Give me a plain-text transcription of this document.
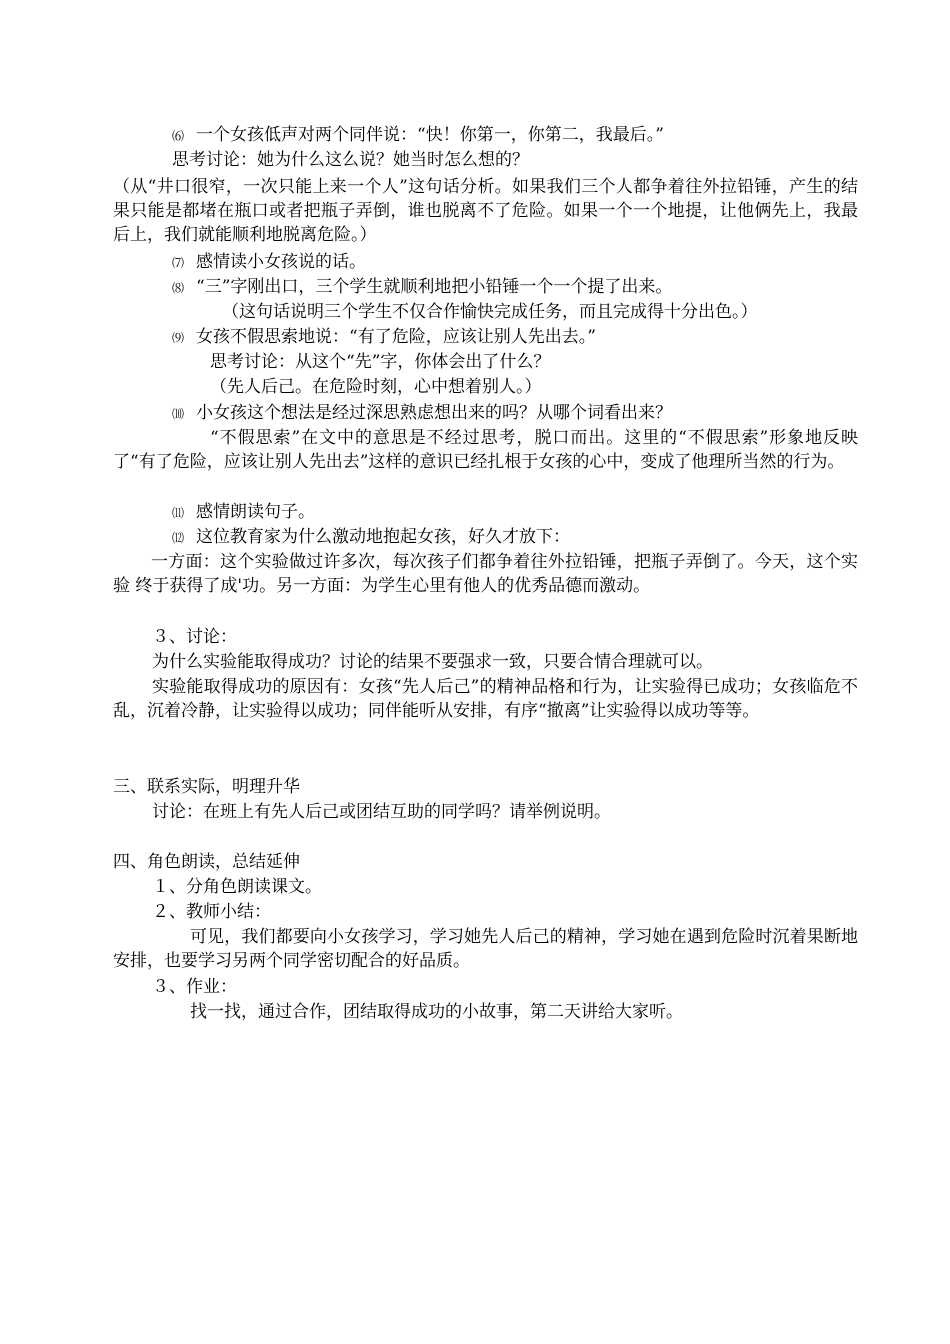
⑹ 一个女孩低声对两个同伴说：“快！你第一，你第二，我最后。”
思考讨论：她为什么这么说？她当时怎么想的？
（从“井口很窄，一次只能上来一个人”这句话分析。如果我们三个人都争着往外拉铅锤，产生的结果只能是都堵在瓶口或者把瓶子弄倒，谁也脱离不了危险。如果一个一个地提，让他俩先上，我最后上，我们就能顺利地脱离危险。）
⑺ 感情读小女孩说的话。
⑻ “三”字刚出口，三个学生就顺利地把小铅锤一个一个提了出来。
（这句话说明三个学生不仅合作愉快完成任务，而且完成得十分出色。）
⑼ 女孩不假思索地说：“有了危险，应该让别人先出去。”
思考讨论：从这个“先”字，你体会出了什么？
（先人后己。在危险时刻，心中想着别人。）
⑽ 小女孩这个想法是经过深思熟虑想出来的吗？从哪个词看出来？
“不假思索”在文中的意思是不经过思考，脱口而出。这里的“不假思索”形象地反映了“有了危险，应该让别人先出去”这样的意识已经扎根于女孩的心中，变成了他理所当然的行为。
⑾ 感情朗读句子。
⑿ 这位教育家为什么激动地抱起女孩，好久才放下：
一方面：这个实验做过许多次，每次孩子们都争着往外拉铅锤，把瓶子弄倒了。今天，这个实验 终于获得了成'功。另一方面：为学生心里有他人的优秀品德而激动。
３、讨论：
为什么实验能取得成功？讨论的结果不要强求一致，只要合情合理就可以。
实验能取得成功的原因有：女孩“先人后己”的精神品格和行为，让实验得已成功；女孩临危不乱，沉着冷静，让实验得以成功；同伴能听从安排，有序“撤离”让实验得以成功等等。
三、联系实际，明理升华
讨论：在班上有先人后己或团结互助的同学吗？请举例说明。
四、角色朗读，总结延伸
１、分角色朗读课文。
２、教师小结：
可见，我们都要向小女孩学习，学习她先人后己的精神，学习她在遇到危险时沉着果断地安排，也要学习另两个同学密切配合的好品质。
３、作业：
找一找，通过合作，团结取得成功的小故事，第二天讲给大家听。
